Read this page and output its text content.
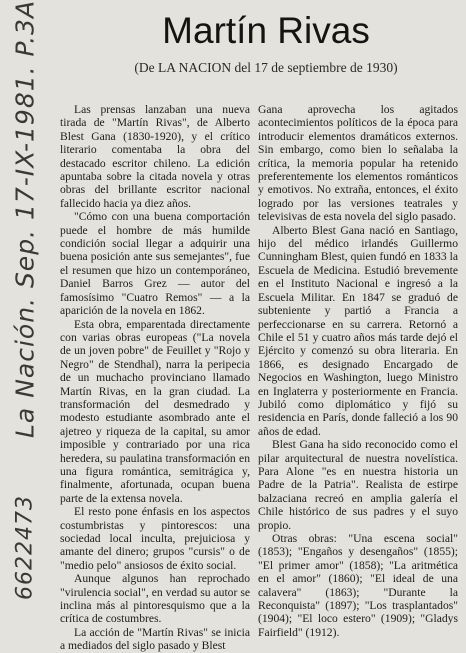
6622473
La Nación. Sep. 17-IX-1981. P.3A	Martín Rivas
(De LA NACION del 17 de septiembre de 1930)

Las prensas lanzaban una nueva tirada de "Martín Rivas", de Alberto Blest Gana (1830-1920), y el crítico literario comentaba la obra del destacado escritor chileno. La edición apuntaba sobre la citada novela y otras obras del brillante escritor nacional fallecido hacia ya diez años.

"Cómo con una buena comportación puede el hombre de más humilde condición social llegar a adquirir una buena posición ante sus semejantes", fue el resumen que hizo un contemporáneo, Daniel Barros Grez — autor del famosísimo "Cuatro Remos" — a la aparición de la novela en 1862.

Esta obra, emparentada directamente con varias obras europeas ("La novela de un joven pobre" de Feuillet y "Rojo y Negro" de Stendhal), narra la peripecia de un muchacho provinciano llamado Martín Rivas, en la gran ciudad. La transformación del desmedrado y modesto estudiante asombrado ante el ajetreo y riqueza de la capital, su amor imposible y contrariado por una rica heredera, su paulatina transformación en una figura romántica, semitrágica y, finalmente, afortunada, ocupan buena parte de la extensa novela.

El resto pone énfasis en los aspectos costumbristas y pintorescos: una sociedad local inculta, prejuiciosa y amante del dinero; grupos "cursis" o de "medio pelo" ansiosos de éxito social.

Aunque algunos han reprochado "virulencia social", en verdad su autor se inclina más al pintoresquismo que a la crítica de costumbres.

La acción de "Martín Rivas" se inicia a mediados del siglo pasado y Blest

Gana aprovecha los agitados acontecimientos políticos de la época para introducir elementos dramáticos externos. Sin embargo, como bien lo señalaba la crítica, la memoria popular ha retenido preferentemente los elementos románticos y emotivos. No extraña, entonces, el éxito logrado por las versiones teatrales y televisivas de esta novela del siglo pasado.

Alberto Blest Gana nació en Santiago, hijo del médico irlandés Guillermo Cunningham Blest, quien fundó en 1833 la Escuela de Medicina. Estudió brevemente en el Instituto Nacional e ingresó a la Escuela Militar. En 1847 se graduó de subteniente y partió a Francia a perfeccionarse en su carrera. Retornó a Chile el 51 y cuatro años más tarde dejó el Ejército y comenzó su obra literaria. En 1866, es designado Encargado de Negocios en Washington, luego Ministro en Inglaterra y posteriormente en Francia. Jubiló como diplomático y fijó su residencia en París, donde falleció a los 90 años de edad.

Blest Gana ha sido reconocido como el pilar arquitectural de nuestra novelística. Para Alone "es en nuestra historia un Padre de la Patria". Realista de estirpe balzaciana recreó en amplia galería el Chile histórico de sus padres y el suyo propio.

Otras obras: "Una escena social" (1853); "Engaños y desengaños" (1855); "El primer amor" (1858); "La aritmética en el amor" (1860); "El ideal de una calavera" (1863); "Durante la Reconquista" (1897); "Los trasplantados" (1904); "El loco estero" (1909); "Gladys Fairfield" (1912).
